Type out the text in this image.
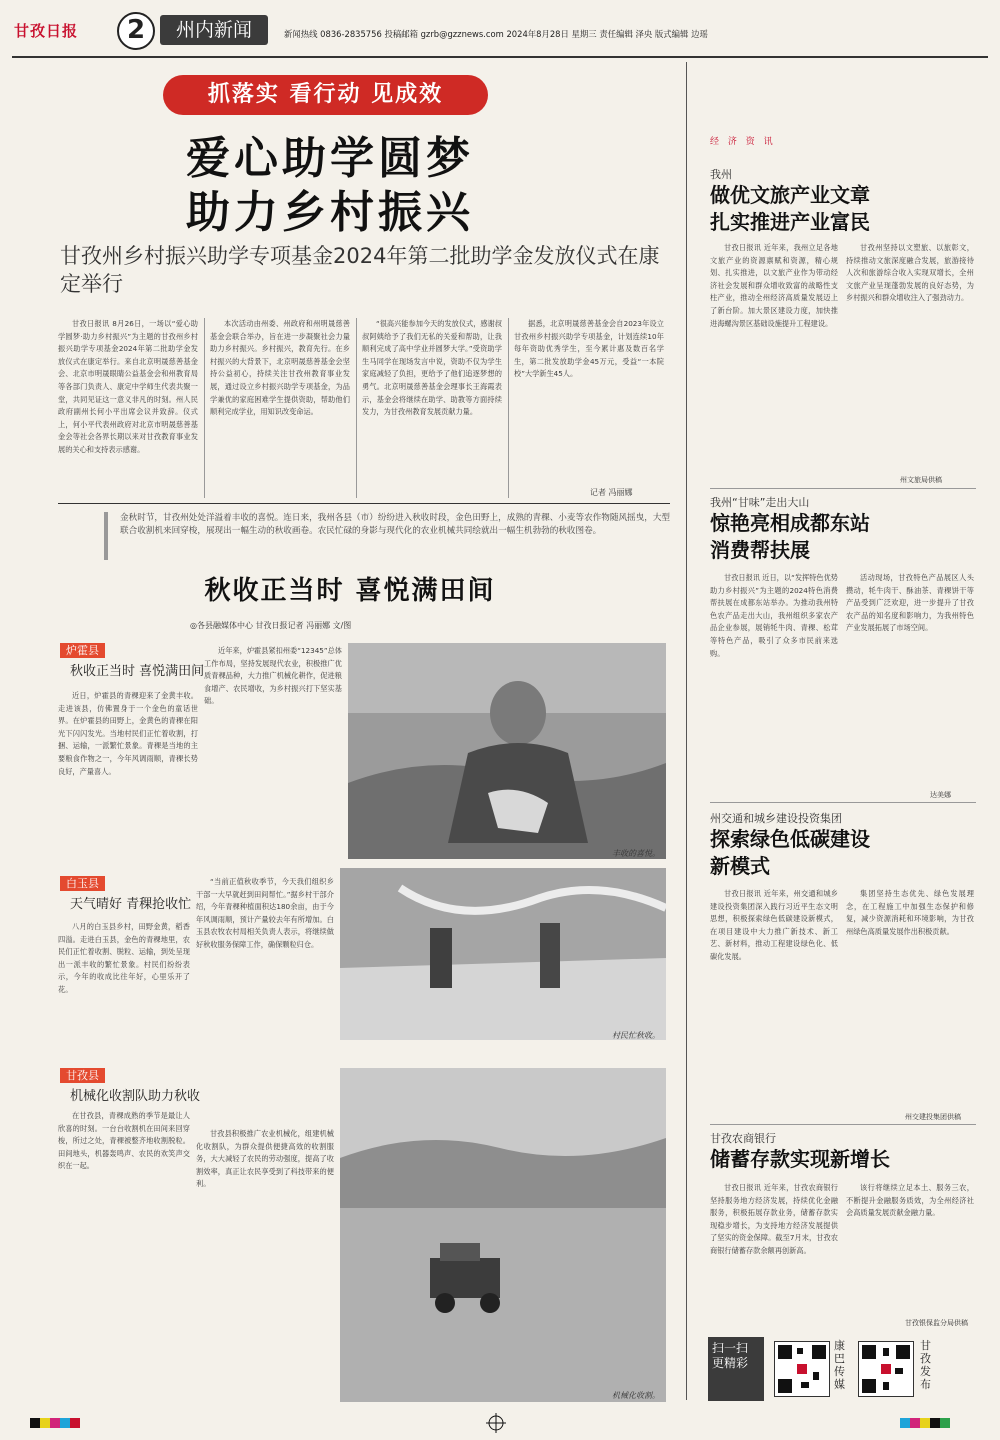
甘孜日报	2	州内新闻	新闻热线 0836-2835756 投稿邮箱 gzrb@gzznews.com 2024年8月28日 星期三 责任编辑 泽央 版式编辑 边瑶
抓落实 看行动 见成效
爱心助学圆梦
助力乡村振兴
甘孜州乡村振兴助学专项基金2024年第二批助学金发放仪式在康定举行

甘孜日报讯 8月26日，一场以“爱心助学圆梦·助力乡村振兴”为主题的甘孜州乡村振兴助学专项基金2024年第二批助学金发放仪式在康定举行。来自北京明晟慈善基金会、北京市明晟眼睛公益基金会和州教育局等各部门负责人、康定中学师生代表共聚一堂，共同见证这一意义非凡的时刻。州人民政府副州长何小平出席会议并致辞。仪式上，何小平代表州政府对北京市明晟慈善基金会等社会各界长期以来对甘孜教育事业发展的关心和支持表示感谢。

本次活动由州委、州政府和州明晟慈善基金会联合举办，旨在进一步凝聚社会力量助力乡村振兴。乡村振兴，教育先行。在乡村振兴的大背景下，北京明晟慈善基金会坚持公益初心，持续关注甘孜州教育事业发展，通过设立乡村振兴助学专项基金，为品学兼优的家庭困难学生提供资助，帮助他们顺利完成学业，用知识改变命运。

“很高兴能参加今天的发放仪式，感谢叔叔阿姨给予了我们无私的关爱和帮助，让我顺利完成了高中学业并圆梦大学。”受资助学生马同学在现场发言中说，资助不仅为学生家庭减轻了负担，更给予了他们追逐梦想的勇气。北京明晟慈善基金会理事长王海霞表示，基金会将继续在助学、助教等方面持续发力，为甘孜州教育发展贡献力量。

据悉，北京明晟慈善基金会自2023年设立甘孜州乡村振兴助学专项基金，计划连续10年每年资助优秀学生，至今累计惠及数百名学生，第二批发放助学金45万元，受益“一本院校”大学新生45人。

记者 冯丽娜
金秋时节，甘孜州处处洋溢着丰收的喜悦。连日来，我州各县（市）纷纷进入秋收时段，金色田野上，成熟的青稞、小麦等农作物随风摇曳，大型联合收割机来回穿梭，展现出一幅生动的秋收画卷。农民忙碌的身影与现代化的农业机械共同绘就出一幅生机勃勃的秋收图卷。
秋收正当时 喜悦满田间
◎各县融媒体中心 甘孜日报记者 冯丽娜 文/图
炉霍县
秋收正当时 喜悦满田间

近日，炉霍县的青稞迎来了金黄丰收。走进该县，仿佛置身于一个金色的童话世界。在炉霍县的田野上，金黄色的青稞在阳光下闪闪发光。当地村民们正忙着收割，打捆、运输，一派繁忙景象。青稞是当地的主要粮食作物之一，今年风调雨顺，青稞长势良好，产量喜人。

近年来，炉霍县紧扣州委“12345”总体工作布局，坚持发展现代农业，积极推广优质青稞品种，大力推广机械化耕作，促进粮食增产、农民增收，为乡村振兴打下坚实基础。

丰收的喜悦。
白玉县
天气晴好 青稞抢收忙

八月的白玉县乡村，田野金黄，稻香四溢。走进白玉县，金色的青稞地里，农民们正忙着收割、脱粒、运输，到处呈现出一派丰收的繁忙景象。村民们纷纷表示，今年的收成比往年好，心里乐开了花。

“当前正值秋收季节，今天我们组织乡干部一大早就赶到田间帮忙。”据乡村干部介绍，今年青稞种植面积达180余亩，由于今年风调雨顺，预计产量较去年有所增加。白玉县农牧农村局相关负责人表示，将继续做好秋收服务保障工作，确保颗粒归仓。

村民忙秋收。
甘孜县
机械化收割队助力秋收

在甘孜县，青稞成熟的季节是最让人欣喜的时刻。一台台收割机在田间来回穿梭，所过之处，青稞被整齐地收割脱粒。田间地头，机器轰鸣声、农民的欢笑声交织在一起。

甘孜县积极推广农业机械化，组建机械化收割队，为群众提供便捷高效的收割服务，大大减轻了农民的劳动强度，提高了收割效率，真正让农民享受到了科技带来的便利。

机械化收割。
经 济 资 讯
我州
做优文旅产业文章
扎实推进产业富民

甘孜日报讯 近年来，我州立足各地文旅产业的资源禀赋和资源，精心规划、扎实推进，以文旅产业作为带动经济社会发展和群众增收致富的战略性支柱产业，推动全州经济高质量发展迈上了新台阶。加大景区建设力度，加快推进海螺沟景区基础设施提升工程建设。

甘孜州坚持以文塑旅、以旅彰文，持续推动文旅深度融合发展，旅游接待人次和旅游综合收入实现双增长，全州文旅产业呈现蓬勃发展的良好态势，为乡村振兴和群众增收注入了强劲动力。

州文旅局供稿
我州“甘味”走出大山
惊艳亮相成都东站
消费帮扶展

甘孜日报讯 近日，以“发挥特色优势 助力乡村振兴”为主题的2024特色消费帮扶展在成都东站举办。为推动我州特色农产品走出大山，我州组织多家农产品企业参展，展销牦牛肉、青稞、松茸等特色产品，吸引了众多市民前来选购。

活动现场，甘孜特色产品展区人头攒动，牦牛肉干、酥油茶、青稞饼干等产品受到广泛欢迎，进一步提升了甘孜农产品的知名度和影响力，为我州特色产业发展拓展了市场空间。

达美娜
州交通和城乡建设投资集团
探索绿色低碳建设
新模式

甘孜日报讯 近年来，州交通和城乡建设投资集团深入践行习近平生态文明思想，积极探索绿色低碳建设新模式，在项目建设中大力推广新技术、新工艺、新材料，推动工程建设绿色化、低碳化发展。

集团坚持生态优先、绿色发展理念，在工程施工中加强生态保护和修复，减少资源消耗和环境影响，为甘孜州绿色高质量发展作出积极贡献。

州交建投集团供稿
甘孜农商银行
储蓄存款实现新增长

甘孜日报讯 近年来，甘孜农商银行坚持服务地方经济发展，持续优化金融服务，积极拓展存款业务，储蓄存款实现稳步增长，为支持地方经济发展提供了坚实的资金保障。截至7月末，甘孜农商银行储蓄存款余额再创新高。

该行将继续立足本土、服务三农，不断提升金融服务质效，为全州经济社会高质量发展贡献金融力量。

甘孜银保监分局供稿
扫一扫 更精彩
康巴传媒
甘孜发布
